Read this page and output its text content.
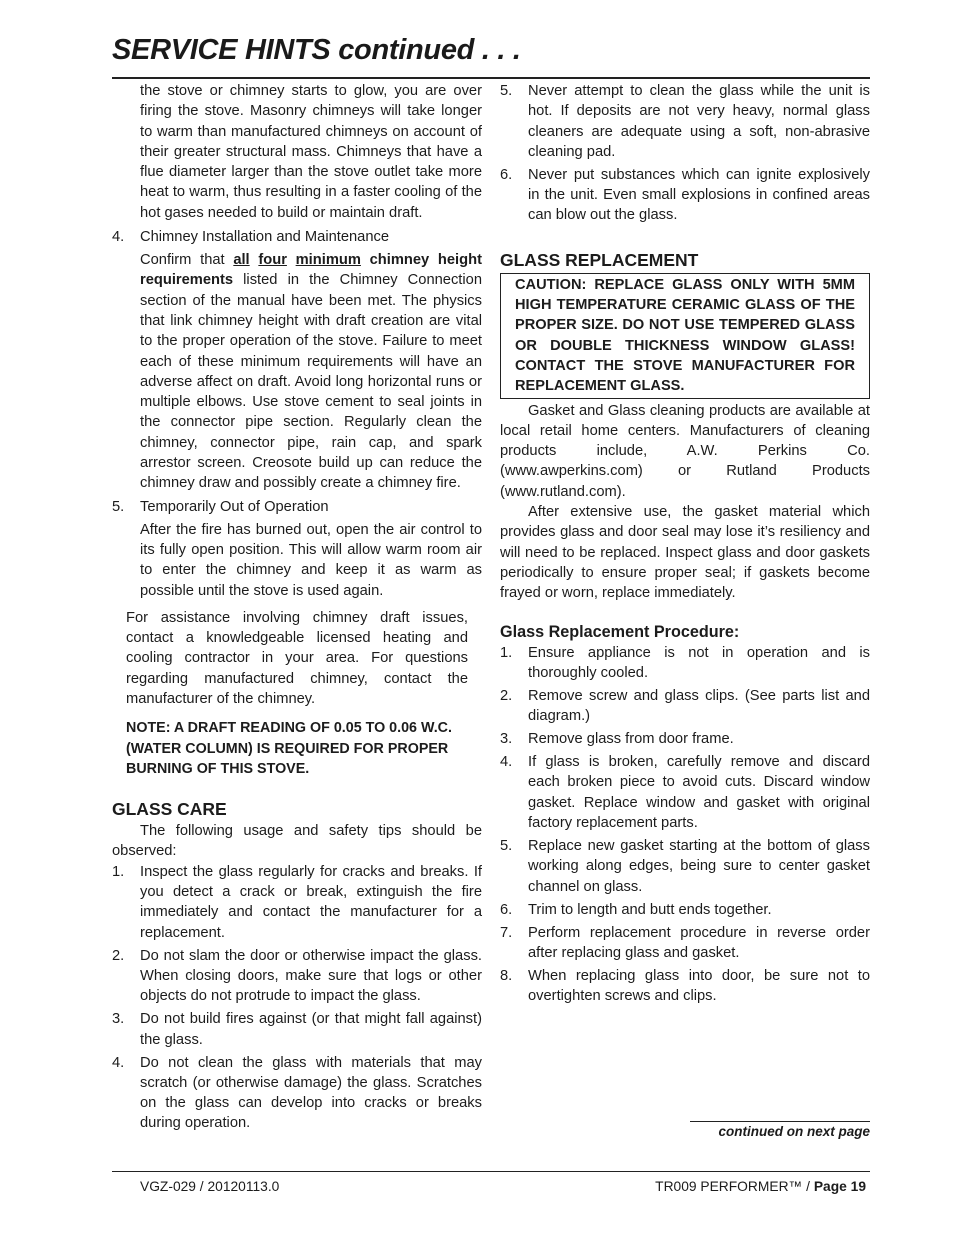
SERVICE HINTS continued . . .

the stove or chimney starts to glow, you are over firing the stove. Masonry chimneys will take longer to warm than manufactured chimneys on account of their greater structural mass. Chimneys that have a flue diameter larger than the stove outlet take more heat to warm, thus resulting in a faster cooling of the hot gases needed to build or maintain draft.

4. Chimney Installation and Maintenance

Confirm that all four minimum chimney height requirements listed in the Chimney Connection section of the manual have been met. The physics that link chimney height with draft creation are vital to the proper operation of the stove. Failure to meet each of these minimum requirements will have an adverse affect on draft. Avoid long horizontal runs or multiple elbows. Use stove cement to seal joints in the connector pipe section. Regularly clean the chimney, connector pipe, rain cap, and spark arrestor screen. Creosote build up can reduce the chimney draw and possibly create a chimney fire.

5. Temporarily Out of Operation

After the fire has burned out, open the air control to its fully open position. This will allow warm room air to enter the chimney and keep it as warm as possible until the stove is used again.

For assistance involving chimney draft issues, contact a knowledgeable licensed heating and cooling contractor in your area. For questions regarding manufactured chimney, contact the manufacturer of the chimney.

NOTE: A DRAFT READING OF 0.05 TO 0.06 W.C. (WATER COLUMN) IS REQUIRED FOR PROPER BURNING OF THIS STOVE.

GLASS CARE

The following usage and safety tips should be observed:

1. Inspect the glass regularly for cracks and breaks. If you detect a crack or break, extinguish the fire immediately and contact the manufacturer for a replacement.
2. Do not slam the door or otherwise impact the glass. When closing doors, make sure that logs or other objects do not protrude to impact the glass.
3. Do not build fires against (or that might fall against) the glass.
4. Do not clean the glass with materials that may scratch (or otherwise damage) the glass. Scratches on the glass can develop into cracks or breaks during operation.
5. Never attempt to clean the glass while the unit is hot. If deposits are not very heavy, normal glass cleaners are adequate using a soft, non-abrasive cleaning pad.
6. Never put substances which can ignite explosively in the unit. Even small explosions in confined areas can blow out the glass.
GLASS REPLACEMENT
CAUTION: REPLACE GLASS ONLY WITH 5MM HIGH TEMPERATURE CERAMIC GLASS OF THE PROPER SIZE. DO NOT USE TEMPERED GLASS OR DOUBLE THICKNESS WINDOW GLASS! CONTACT THE STOVE MANUFACTURER FOR REPLACEMENT GLASS.

Gasket and Glass cleaning products are available at local retail home centers. Manufacturers of cleaning products include, A.W. Perkins Co. (www.awperkins.com) or Rutland Products (www.rutland.com).

After extensive use, the gasket material which provides glass and door seal may lose it’s resiliency and will need to be replaced. Inspect glass and door gaskets periodically to ensure proper seal; if gaskets become frayed or worn, replace immediately.

Glass Replacement Procedure:
1. Ensure appliance is not in operation and is thoroughly cooled.
2. Remove screw and glass clips. (See parts list and diagram.)
3. Remove glass from door frame.
4. If glass is broken, carefully remove and discard each broken piece to avoid cuts. Discard window gasket. Replace window and gasket with original factory replacement parts.
5. Replace new gasket starting at the bottom of glass working along edges, being sure to center gasket channel on glass.
6. Trim to length and butt ends together.
7. Perform replacement procedure in reverse order after replacing glass and gasket.
8. When replacing glass into door, be sure not to overtighten screws and clips.
continued on next page
VGZ-029 / 20120113.0	TR009 PERFORMER™ / Page 19
